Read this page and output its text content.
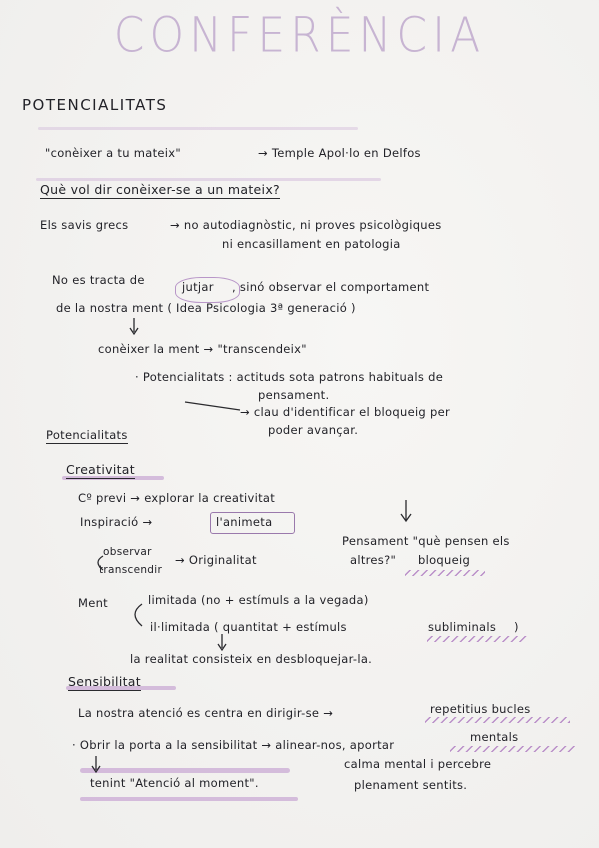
CONFERÈNCIA
POTENCIALITATS
"conèixer a tu mateix"	→ Temple Apol·lo en Delfos
Què vol dir conèixer-se a un mateix?
Els savis grecs	→ no autodiagnòstic, ni proves psicològiques
ni encasillament en patologia
No es tracta de	jutjar , sinó observar el comportament
de la nostra ment ( Idea Psicologia 3ª generació )
conèixer la ment → "transcendeix"
· Potencialitats : actituds sota patrons habituals de
pensament.
→ clau d'identificar el bloqueig per
poder avançar.
Potencialitats
Creativitat
Cº previ → explorar la creativitat
Inspiració →	l'animeta
Pensament "què pensen els
altres?" bloqueig
observar
transcendir
→ Originalitat
Ment	limitada (no + estímuls a la vegada)
il·limitada ( quantitat + estímuls	subliminals )
la realitat consisteix en desbloquejar-la.
Sensibilitat
La nostra atenció es centra en dirigir-se →	repetitius bucles
mentals
· Obrir la porta a la sensibilitat → alinear-nos, aportar
calma mental i percebre
tenint "Atenció al moment".	plenament sentits.
